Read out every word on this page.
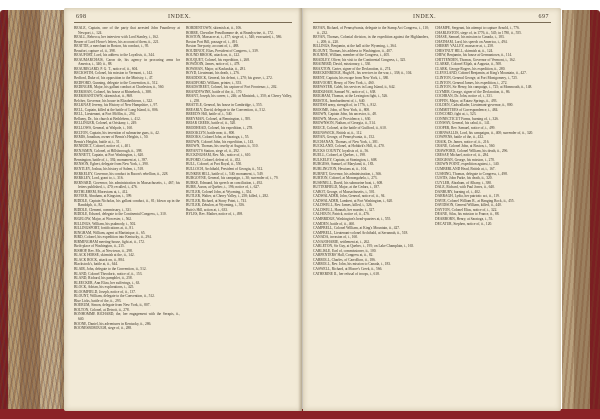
698	INDEX.

BEALE, Captain, one of the party that arrested John Fauntleroy at Newport, i., 124.

BEALL, Rebecca, her interview with Lord Stanley, i., 162.

Bearer of Lord Howe's letters, his account of them, ii., 221.

BEATTIE, a merchant in Boston, his conduct, i., 95.

Beaufort, capture of, ii., 398.

BEAUFORT, Lord, his address to the Loyalists, ii., 344.

BEAUMARCHAIS, Caron de, his agency in procuring arms for America, i., 340; ii., 88.

BEAUREGARD, P. G. T., notice of, ii., 604.

BECKWITH, Colonel, his mission to Vermont, i., 142.

Bedford, Duke of, his opposition to the Ministry, i., 47.

BEDFORD, Gunning, delegate to the Convention, ii., 512.

BEDINGER, Major, his gallant conduct at Charleston, ii., 560.

BEEKMAN, Colonel, his house at Rhinebeck, i., 388.

BEEKMANTOWN, skirmish at, ii., 868.

Belcher, Governor, his house in Elizabethtown, i., 322.

BELKNAP, Jeremy, his History of New Hampshire, i., 97.

BELL, Captain, killed at the battle of Long Island, ii., 806.

BELL, Lieutenant, at Fort Mifflin, ii., 294.

Bellamy, Dr., his church at Bethlehem, i., 412.

BELLINGER, Colonel, at Oriskany, i., 249.

BELLOWS, General, at Walpole, i., 160.

BELTON, Captain, his invention of submarine guns, ii., 42.

BEMIS, Jonathan, owner of Bemis's Heights, i., 50.

Bemis's Heights, battle at, i., 51.

BENEDICT, Colonel, notice of, i., 401.

BENJAMIN, Colonel, at Hillsborough, ii., 398.

BENNETT, Captain, at Fort Washington, i., 620.

Bennington, battle of, i., 392; monument at, i., 397.

BENSON, Egbert, delegate from New York, i., 390.

BENTLEY, Joshua, his history of Salem, i., 518.

BERKELEY, Governor, his conduct in Bacon's rebellion, ii., 228.

BERKLEY, Lord, grant to, i., 316.

BERNARD, Governor, his administration in Massachusetts, i., 467; his letters published, i., 470; recalled, i., 476.

BETHLEHEM, Moravians at, i., 412.

BEVIER, Abraham, at Kingston, i., 399.

BIDDLE, Captain Nicholas, his gallant conduct, ii., 81; blown up in the Randolph, ii., 82.

BIDDLE, Clement, commissary, i., 331.

BIDDLE, Edward, delegate to the Continental Congress, i., 310.

BIGELOW, Major, at Worcester, i., 562.

BILLINGS, William, his psalmody, i., 502.

BILLINGSPORT, fortifications at, ii., 81.

BINGHAM, William, agent at Martinique, ii., 65.

BIRD, Colonel, his expedition into Kentucky, ii., 294.

BIRMINGHAM meeting-house, fight at, ii., 172.

Birth-place of Washington, ii., 215.

BISHOP, Rev. Mr., at Newtown, ii., 298.

BLACK HORSE, skirmish at the, ii., 142.

BLACK ROCK, attack on, ii., 884.

Blackstock's, battle at, ii., 644.

BLAIR, John, delegate to the Convention, ii., 512.

BLAND, Colonel Theodoric, notice of, ii., 153.

BLAND, Richard, his pamphlet, ii., 258.

BLEECKER, Ann Eliza, her sufferings, i., 63.

BLOCK, Adrian, his explorations, i., 425.

BLOOMFIELD, Joseph, notice of, ii., 137.

BLOUNT, William, delegate to the Convention, ii., 512.

Blue Licks, battle of the, ii., 293.

BOERUM, Simon, delegate from New York, ii., 807.

BOLTON, Colonel, at Detroit, ii., 278.

BONHOMME RICHARD, the, her engagement with the Serapis, ii., 640.

BOONE, Daniel, his adventures in Kentucky, ii., 286.

BOONESBOROUGH, siege of, ii., 288.

BORDENTOWN, skirmish at, ii., 106.

BORRE, Chevalier Preudhomme de, at Brandywine, ii., 172.

BOSTON, Massacre at, i., 477; siege of, i., 540; evacuated, i., 586.

Boston Port Bill, passage of, i., 491.

Boston Tea-party, account of, i., 488.

BOUDINOT, Elias, President of Congress, i., 339.

BOUND BROOK, attack on, ii., 122.

BOUQUET, Colonel, his expedition, i., 268.

BOWDOIN, James, notice of, i., 478.

BOWMAN, Major, at Kaskaskia, ii., 281.

BOYD, Lieutenant, his death, i., 276.

BRADDOCK, General, his defeat, i., 270; his grave, i., 272.

BRADFORD, William, printer, i., 353.

BRADSTREET, Colonel, his capture of Fort Frontenac, i., 202.

BRANDYWINE, battle of the, ii., 170.

BRANT, Joseph, his career, i., 246; at Minisink, i., 350; at Cherry Valley, i., 258.

BRATTLE, General, his house in Cambridge, i., 555.

BREARLY, David, delegate to the Convention, ii., 512.

BREED'S Hill, battle of, i., 540.

BREYMAN, Colonel, at Bennington, i., 395.

BRIAR CREEK, battle of, ii., 520.

BRODHEAD, Colonel, his expedition, i., 278.

BROOKLYN, battle near, ii., 800.

BROOKS, Colonel John, at Saratoga, i., 55.

BROWN, Colonel John, his expedition, i., 143.

BROWN, Thomas, his cruelty at Augusta, ii., 510.

BRYANT'S Station, siege of, ii., 292.

BUCKINGHAM, Rev. Mr., notice of, i., 610.

BUFORD, Colonel, defeat of, ii., 452.

BULL, Colonel, at Port Royal, ii., 550.

BULLOCH, Archibald, President of Georgia, ii., 512.

BUNKER HILL, battle of, i., 540; monument, i., 549.

BURGOYNE, General, his campaign, i., 30; surrender of, i., 79.

BURKE, Edmund, his speech on conciliation, i., 492.

BURR, Aaron, at Quebec, i., 196; notice of, i., 627.

BUTLER, Colonel John, at Wyoming, i., 354.

BUTLER, Walter, at Cherry Valley, i., 258; killed, i., 282.

BUTLER, Richard, at Stony Point, i., 741.

BUTLER, Zebulon, at Wyoming, i., 356.

Butts's Hill, action at, i., 633.

BYLES, Rev. Mather, notice of, i., 498.

INDEX.	697

BEVAN, Richard, of Pennsylvania, delegate to the Stamp Act Congress, i., 110; ii., 232.

BEVAN, Thomas, Colonial division, in the expedition against the Highlanders, i., 208; ii., 220.

BILLINGS, Benjamin, at the ball at the Wyoming, i., 364.

BLOUNT, Thomas, his address to Washington, ii., 407.

BOURNE, William, member of the Congress, i., 405.

BRADLEY, Oliver, his visit to the Continental Congress, i., 325.

BRAINERD, David, missionary, i., 330.

BRAXTON, Carter, signer of the Declaration, ii., 274.

BRECKENRIDGE, Hugh H., his services in the war, i., 338; ii., 104.

BRENT, Captain, his escape from New York, i., 380.

BREVOORT, Henry, of New York, i., 460.

BREWSTER, Caleb, his services in Long Island, ii., 642.

BRIDGHAM, Samuel W., notice of, i., 638.

BRIGHAM, Thomas, at the Lexington fight, i., 526.

BRISTOL, bombardment of, i., 640.

BRITISH army, strength of, in 1776, i., 812.

BROOME, John, of New York, ii., 808.

BROWN, Captain John, his ancestor, ii., 48.

BROWN, Moses, of Providence, i., 630.

BROWNSON, Nathan, of Georgia, ii., 514.

BRUCE, Colonel, at the battle of Guilford, ii., 610.

BRUNSWICK, British at, ii., 112.

BRYAN, George, of Pennsylvania, ii., 152.

BUCHANAN, Thomas, of New York, i., 381.

BUCKLAND, Colonel, at Hobkirk's Hill, ii., 470.

BUCKS COUNTY, loyalists of, ii., 56.

BUELL, Colonel, at Quebec, i., 198.

BULKELEY, Captain, at Stonington, i., 608.

BURGESS, Samuel, of Maryland, ii., 183.

BURLINGTON, Hessians at, ii., 104.

BURNET, Governor, his administration, i., 366.

BURTON, Colonel, at Monongahela, i., 273.

BUSHNELL, David, his submarine boat, i., 608.

BUTTERFIELD, Major, at the Cedars, i., 187.

CABOT, George, of Massachusetts, i., 501.

CADWALADER, John, General, notice of, ii., 94.

CADWALADER, Lambert, at Fort Washington, i., 620.

CALDWELL, Rev. James, killed, i., 326.

CALDWELL, Hannah, her murder, i., 327.

CALHOUN, Patrick, notice of, ii., 476.

CAMBRIDGE, Washington's head-quarters at, i., 555.

CAMDEN, battle of, ii., 460.

CAMPBELL, Colonel William, at King's Mountain, ii., 427.

CAMPBELL, Lieutenant-colonel Archibald, at Savannah, ii., 518.

CANADA, invasion of, i., 160.

CANAJOHARIE, settlement at, i., 262.

CARLETON, Sir Guy, at Quebec, i., 195; on Lake Champlain, i., 165.

CARLISLE, Earl of, commissioner, ii., 100.

CARPENTERS' Hall, Congress at, ii., 82.

CARROLL, Charles, of Carrollton, ii., 186.

CARROLL, Rev. John, his mission to Canada, i., 183.

CASWELL, Richard, at Moore's Creek, ii., 566.

CATHERINE II., her refusal of troops, i., 618.

CHAMPE, Sergeant, his attempt to capture Arnold, i., 776.

CHARLESTON, siege of, in 1776, ii., 545; in 1780, ii., 555.

CHASE, Samuel, his mission to Canada, i., 183.

CHATHAM, Lord, his speech on America, i., 494.

CHERRY VALLEY, massacre at, i., 258.

CHESTNUT HILL, skirmish at, ii., 124.

CHEW, Benjamin, his house at Germantown, ii., 114.

CHITTENDEN, Thomas, Governor of Vermont, i., 162.

CLARKE, Colonel Elijah, at Augusta, ii., 508.

CLARK, George Rogers, his expedition, ii., 280.

CLEVELAND, Colonel Benjamin, at King's Mountain, ii., 427.

CLINTON, General George, at Fort Montgomery, i., 725.

CLINTON, General James, his expedition, i., 272.

CLINTON, Sir Henry, his campaign, i., 725; at Monmouth, ii., 148.

CLYMER, George, signer of the Declaration, ii., 86.

COCHRAN, Dr. John, notice of, i., 331.

COFFIN, Major, at Eutaw Springs, ii., 493.

COLDEN, Cadwallader, Lieutenant-governor, ii., 800.

COMMITTEES of Correspondence, i., 484.

CONCORD, fight at, i., 523.

CONNECTICUT Farms, burning of, i., 326.

CONWAY, General, his cabal, ii., 141.

COOPER, Rev. Samuel, notice of, i., 499.

CORNWALLIS, Lord, his campaigns, ii., 400; surrender of, ii., 320.

COWPENS, battle of the, ii., 432.

CRAIK, Dr. James, notice of, ii., 216.

CRANE, Colonel John, at Boston, i., 560.

CRAWFORD, Colonel William, his death, ii., 296.

CRESAP, Michael, notice of, ii., 284.

CROGHAN, George, his mission, i., 270.

CROWN POINT, expedition against, i., 140.

CUMBERLAND Head, British at, i., 167.

CUSHING, Thomas, delegate to Congress, i., 498.

CUSTIS, John Parke, his death, ii., 320.

CUYLER, Abraham, of Albany, i., 380.

DALE, Richard, with Paul Jones, ii., 640.

DANBURY, burning of, i., 402.

DARRAGH, Lydia, her patriotic act, ii., 119.

DAVIE, Colonel William R., at Hanging Rock, ii., 455.

DAVIDSON, General William, killed, ii., 440.

DAYTON, Colonel Elias, notice of, i., 322.

DEANE, Silas, his mission to France, ii., 88.

DEARBORN, Henry, at Saratoga, i., 55.

DECATUR, Stephen, notice of, ii., 120.
